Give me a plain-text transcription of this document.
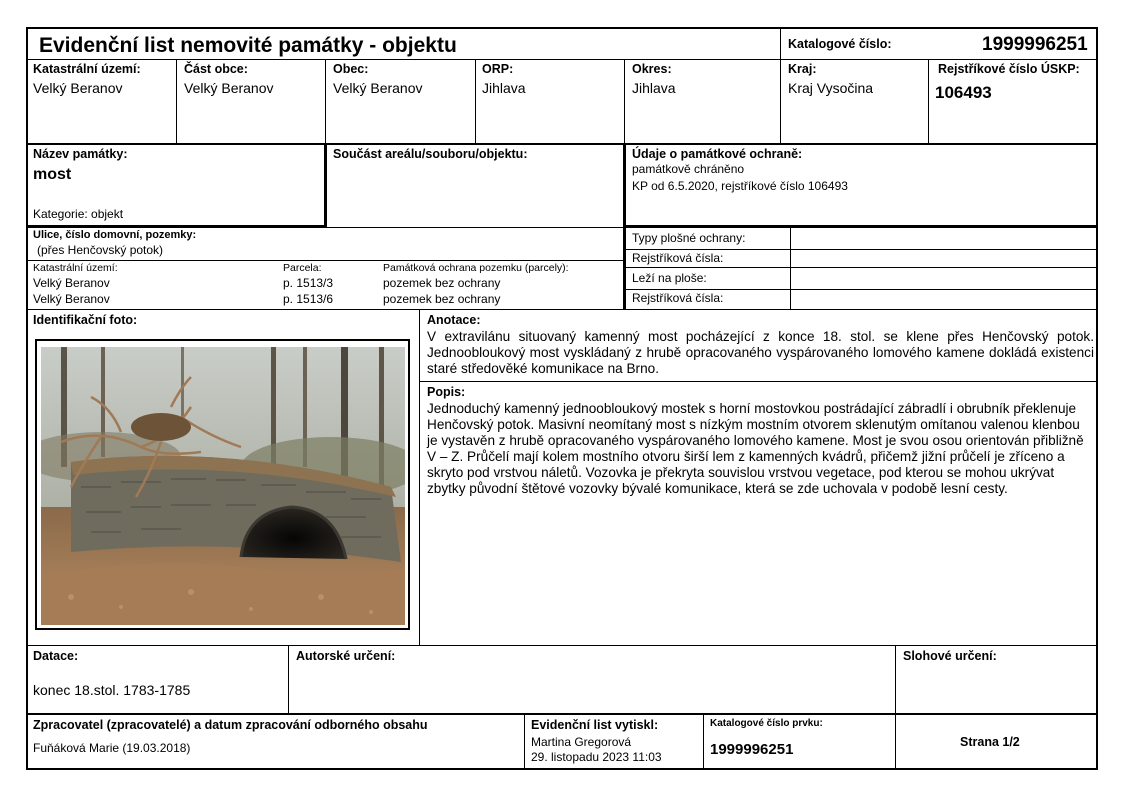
Evidenční list nemovité památky - objektu	Katalogové číslo:	1999996251
Katastrální území:
Velký Beranov
Část obce:
Velký Beranov
Obec:
Velký Beranov
ORP:
Jihlava
Okres:
Jihlava
Kraj:
Kraj Vysočina
Rejstříkové číslo ÚSKP:
106493
Název památky:
most
Kategorie: objekt
Součást areálu/souboru/objektu:	Údaje o památkové ochraně:
památkově chráněno
KP od 6.5.2020, rejstříkové číslo 106493
Ulice, číslo domovní, pozemky:
(přes Henčovský potok)
Katastrální území:	Parcela:	Památková ochrana pozemku (parcely):
Velký Beranov	p. 1513/3	pozemek bez ochrany
Velký Beranov	p. 1513/6	pozemek bez ochrany
Typy plošné ochrany:
Rejstříková čísla:
Leží na ploše:
Rejstříková čísla:
Identifikační foto:	Anotace:
V extravilánu situovaný kamenný most pocházející z konce 18. stol. se klene přes Henčovský potok. Jednoobloukový most vyskládaný z hrubě opracovaného vyspárovaného lomového kamene dokládá existenci staré středověké komunikace na Brno.
Popis:
Jednoduchý kamenný jednoobloukový mostek s horní mostovkou postrádající zábradlí i obrubník překlenuje Henčovský potok. Masivní neomítaný most s nízkým mostním otvorem sklenutým omítanou valenou klenbou je vystavěn z hrubě opracovaného vyspárovaného lomového kamene. Most je svou osou orientován přibližně V – Z. Průčelí mají kolem mostního otvoru širší lem z kamenných kvádrů, přičemž jižní průčelí je zříceno a skryto pod vrstvou náletů. Vozovka je překryta souvislou vrstvou vegetace, pod kterou se mohou ukrývat zbytky původní štětové vozovky bývalé komunikace, která se zde uchovala v podobě lesní cesty.
Datace:
konec 18.stol. 1783-1785
Autorské určení:	Slohové určení:
Zpracovatel (zpracovatelé) a datum zpracování odborného obsahu
Fuňáková Marie (19.03.2018)
Evidenční list vytiskl:
Martina Gregorová
29. listopadu 2023 11:03
Katalogové číslo prvku:
1999996251	Strana 1/2
